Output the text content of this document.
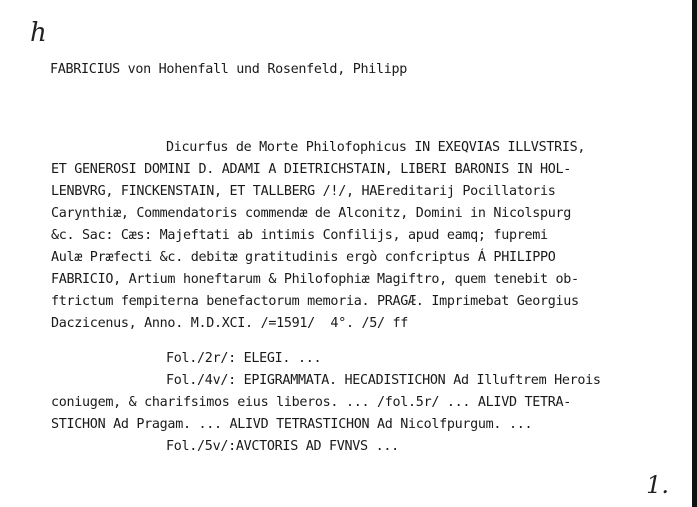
h
FABRICIUS von Hohenfall und Rosenfeld, Philipp
Dicurfus de Morte Philofophicus IN EXEQVIAS ILLVSTRIS,
ET GENEROSI DOMINI D. ADAMI A DIETRICHSTAIN, LIBERI BARONIS IN HOL-
LENBVRG, FINCKENSTAIN, ET TALLBERG /!/, HAEreditarij Pocillatoris
Carynthiæ, Commendatoris commendæ de Alconitz, Domini in Nicolspurg
&c. Sac: Cæs: Majeftati ab intimis Confilijs, apud eamq; fupremi
Aulæ Præfecti &c. debitæ gratitudinis ergò confcriptus Á PHILIPPO
FABRICIO, Artium honeftarum & Philofophiæ Magiftro, quem tenebit ob-
ftrictum fempiterna benefactorum memoria. PRAGÆ. Imprimebat Georgius
Daczicenus, Anno. M.D.XCI. /=1591/  4°. /5/ ff
Fol./2r/: ELEGI. ...
Fol./4v/: EPIGRAMMATA. HECADISTICHON Ad Illuftrem Herois
coniugem, & charifsimos eius liberos. ... /fol.5r/ ... ALIVD TETRA-
STICHON Ad Pragam. ... ALIVD TETRASTICHON Ad Nicolfpurgum. ...
Fol./5v/:AVCTORIS AD FVNVS ...
1.
